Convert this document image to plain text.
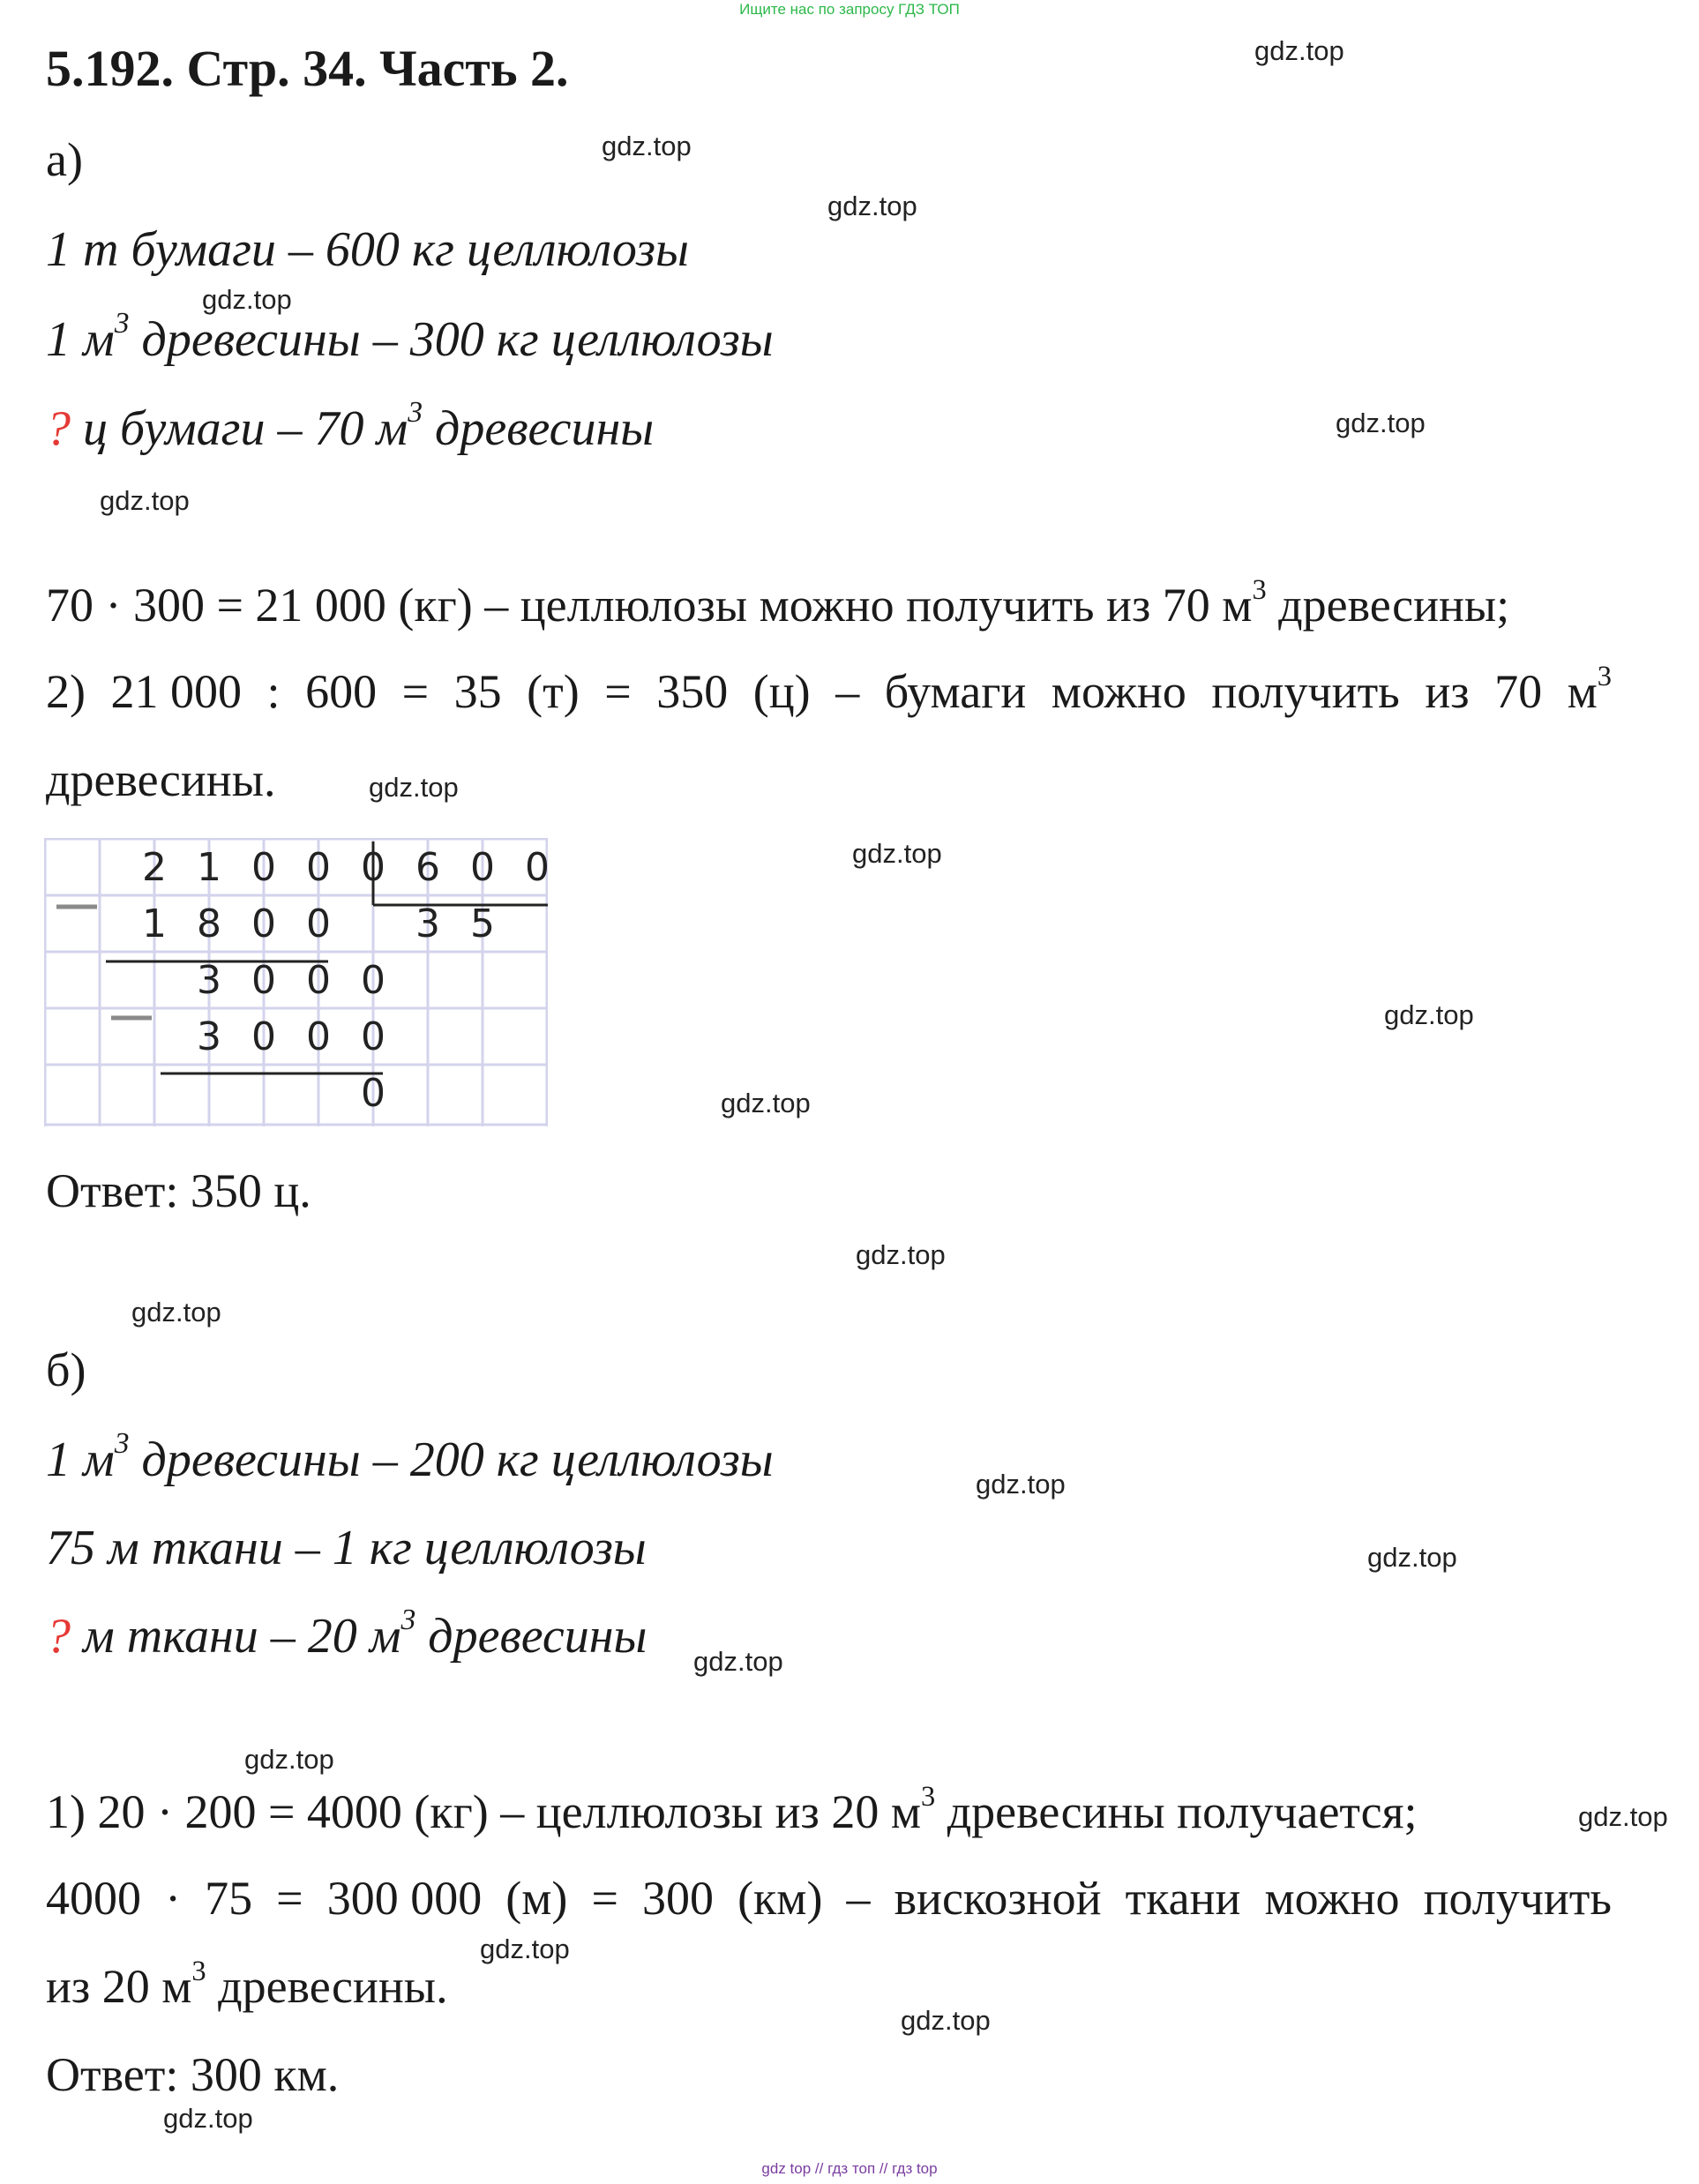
Ищите нас по запросу ГДЗ ТОП
5.192. Стр. 34. Часть 2.
а)
1 т бумаги – 600 кг целлюлозы
1 $м^3$ древесины – 300 кг целлюлозы
? ц бумаги – 70 $м^3$ древесины
70 · 300 = 21 000 (кг) – целлюлозы можно получить из 70 $м^3$ древесины;
2) 21 000 : 600 = 35 (т) = 350 (ц) – бумаги можно получить из 70 $м^3$
древесины.
2 1 0 0 0 6 0 0
1 8 0 0	3 5
3 0 0 0
3 0 0 0
0
Ответ: 350 ц.
б)
1 $м^3$ древесины – 200 кг целлюлозы
75 м ткани – 1 кг целлюлозы
? м ткани – 20 $м^3$ древесины
1) 20 · 200 = 4000 (кг) – целлюлозы из 20 $м^3$ древесины получается;
4000 · 75 = 300 000 (м) = 300 (км) – вискозной ткани можно получить
из 20 $м^3$ древесины.
Ответ: 300 км.
gdz.top
gdz.top
gdz.top
gdz.top
gdz.top
gdz.top
gdz.top
gdz.top
gdz.top
gdz.top
gdz.top
gdz.top
gdz.top
gdz.top
gdz.top
gdz.top
gdz.top
gdz.top
gdz.top
gdz.top
gdz top // гдз топ // гдз top
